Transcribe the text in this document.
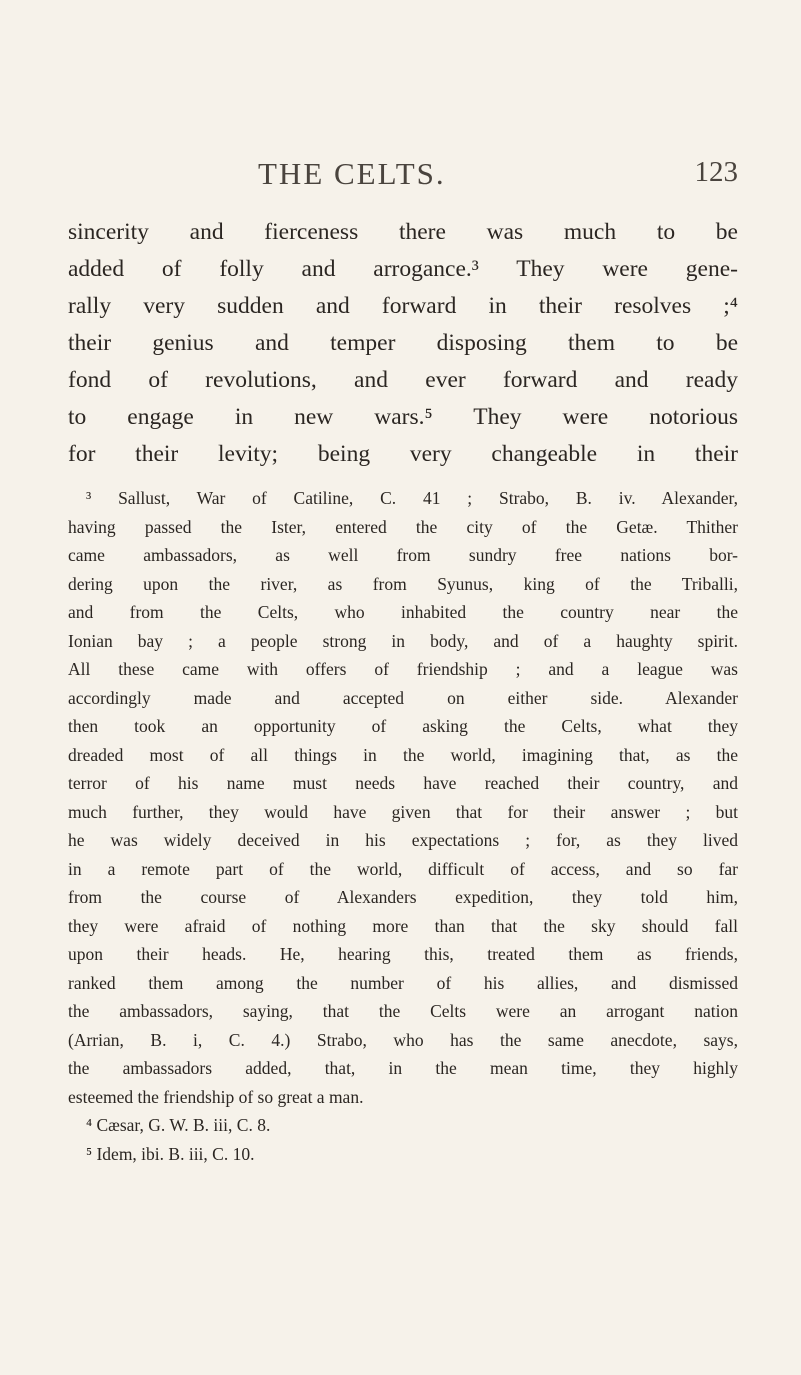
THE CELTS.	123
sincerity and fierceness there was much to be
added of folly and arrogance.³ They were gene-
rally very sudden and forward in their resolves ;⁴
their genius and temper disposing them to be
fond of revolutions, and ever forward and ready
to engage in new wars.⁵ They were notorious
for their levity; being very changeable in their
³ Sallust, War of Catiline, C. 41 ; Strabo, B. iv. Alexander,
having passed the Ister, entered the city of the Getæ. Thither
came ambassadors, as well from sundry free nations bor-
dering upon the river, as from Syunus, king of the Triballi,
and from the Celts, who inhabited the country near the
Ionian bay ; a people strong in body, and of a haughty spirit.
All these came with offers of friendship ; and a league was
accordingly made and accepted on either side. Alexander
then took an opportunity of asking the Celts, what they
dreaded most of all things in the world, imagining that, as the
terror of his name must needs have reached their country, and
much further, they would have given that for their answer ; but
he was widely deceived in his expectations ; for, as they lived
in a remote part of the world, difficult of access, and so far
from the course of Alexanders expedition, they told him,
they were afraid of nothing more than that the sky should fall
upon their heads. He, hearing this, treated them as friends,
ranked them among the number of his allies, and dismissed
the ambassadors, saying, that the Celts were an arrogant nation
(Arrian, B. i, C. 4.) Strabo, who has the same anecdote, says,
the ambassadors added, that, in the mean time, they highly
esteemed the friendship of so great a man.
⁴ Cæsar, G. W. B. iii, C. 8.
⁵ Idem, ibi. B. iii, C. 10.
